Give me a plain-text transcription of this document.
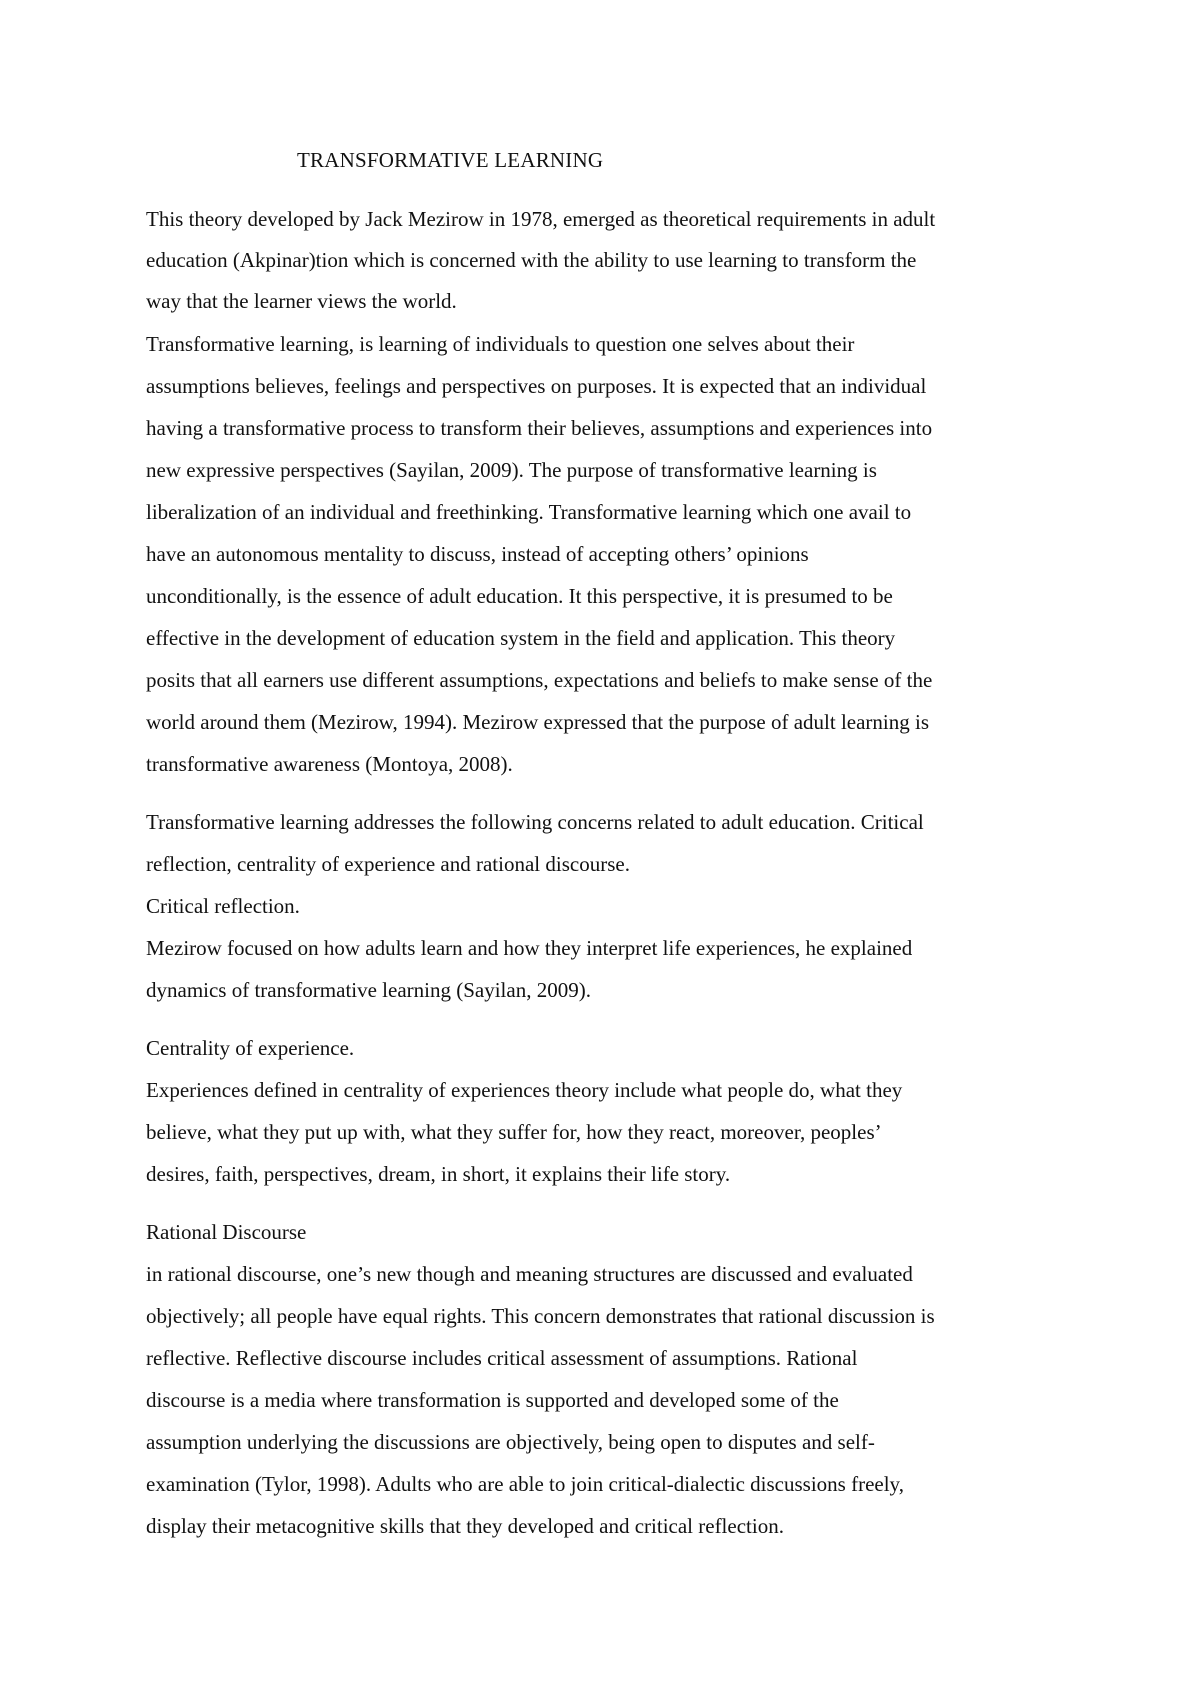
TRANSFORMATIVE LEARNING
This theory developed by Jack Mezirow in 1978, emerged as theoretical requirements in adult
education (Akpinar)tion which is concerned with the ability to use learning to transform the
way that the learner views the world.
Transformative learning, is learning of individuals to question one selves about their
assumptions believes, feelings and perspectives on purposes. It is expected that an individual
having a transformative process to transform their believes, assumptions and experiences into
new expressive perspectives (Sayilan, 2009). The purpose of transformative learning is
liberalization of an individual and freethinking. Transformative learning which one avail to
have an autonomous mentality to discuss, instead of accepting others’ opinions
unconditionally, is the essence of adult education. It this perspective, it is presumed to be
effective in the development of education system in the field and application. This theory
posits that all earners use different assumptions, expectations and beliefs to make sense of the
world around them (Mezirow, 1994). Mezirow expressed that the purpose of adult learning is
transformative awareness (Montoya, 2008).
Transformative learning addresses the following concerns related to adult education. Critical
reflection, centrality of experience and rational discourse.
Critical reflection.
Mezirow focused on how adults learn and how they interpret life experiences, he explained
dynamics of transformative learning (Sayilan, 2009).
Centrality of experience.
Experiences defined in centrality of experiences theory include what people do, what they
believe, what they put up with, what they suffer for, how they react, moreover, peoples’
desires, faith, perspectives, dream, in short, it explains their life story.
Rational Discourse
in rational discourse, one’s new though and meaning structures are discussed and evaluated
objectively; all people have equal rights. This concern demonstrates that rational discussion is
reflective. Reflective discourse includes critical assessment of assumptions. Rational
discourse is a media where transformation is supported and developed some of the
assumption underlying the discussions are objectively, being open to disputes and self-
examination (Tylor, 1998). Adults who are able to join critical-dialectic discussions freely,
display their metacognitive skills that they developed and critical reflection.
